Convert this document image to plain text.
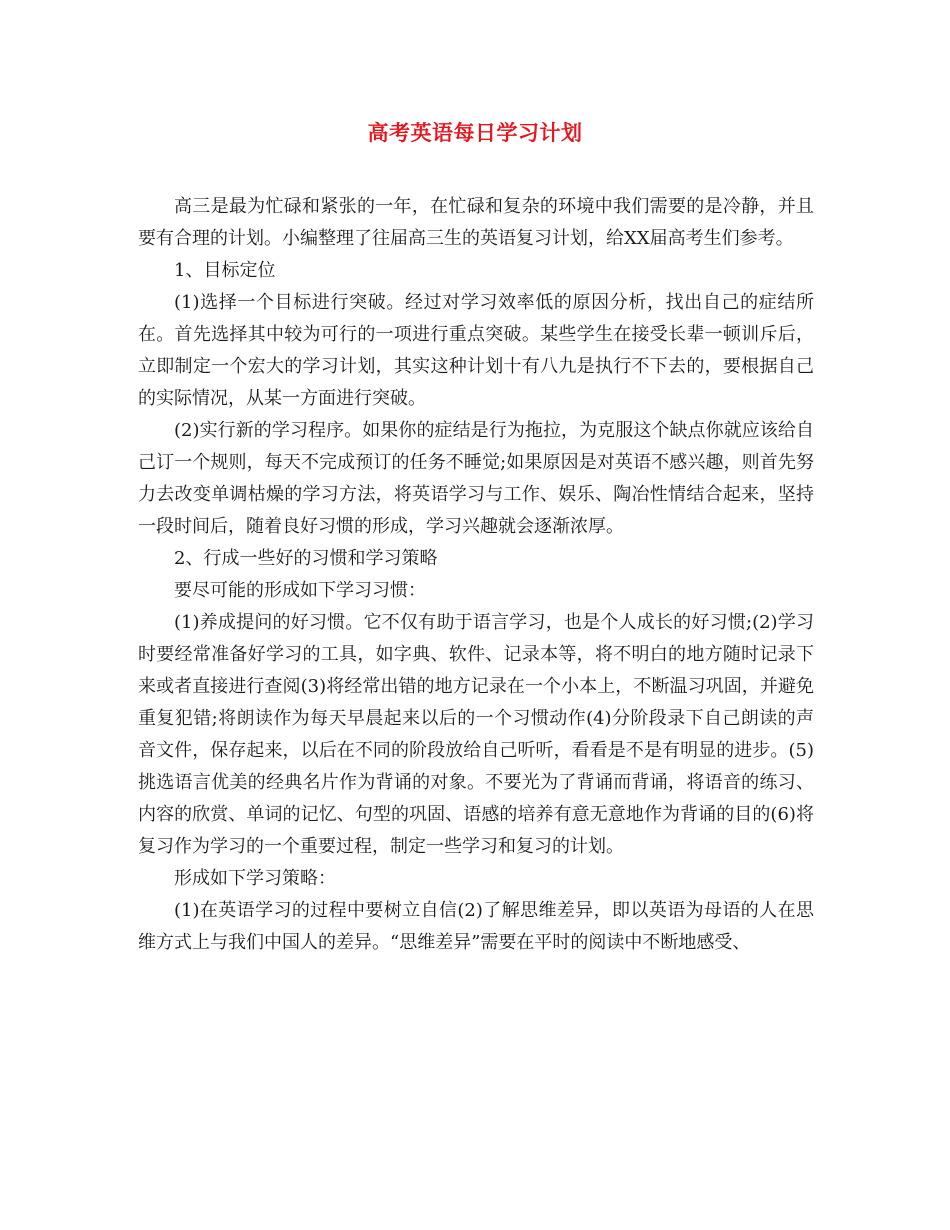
高考英语每日学习计划

高三是最为忙碌和紧张的一年，在忙碌和复杂的环境中我们需要的是冷静，并且要有合理的计划。小编整理了往届高三生的英语复习计划，给XX届高考生们参考。

1、目标定位

(1)选择一个目标进行突破。经过对学习效率低的原因分析，找出自己的症结所在。首先选择其中较为可行的一项进行重点突破。某些学生在接受长辈一顿训斥后，立即制定一个宏大的学习计划，其实这种计划十有八九是执行不下去的，要根据自己的实际情况，从某一方面进行突破。

(2)实行新的学习程序。如果你的症结是行为拖拉，为克服这个缺点你就应该给自己订一个规则，每天不完成预订的任务不睡觉;如果原因是对英语不感兴趣，则首先努力去改变单调枯燥的学习方法，将英语学习与工作、娱乐、陶冶性情结合起来，坚持一段时间后，随着良好习惯的形成，学习兴趣就会逐渐浓厚。

2、行成一些好的习惯和学习策略

要尽可能的形成如下学习习惯：

(1)养成提问的好习惯。它不仅有助于语言学习，也是个人成长的好习惯;(2)学习时要经常准备好学习的工具，如字典、软件、记录本等，将不明白的地方随时记录下来或者直接进行查阅(3)将经常出错的地方记录在一个小本上，不断温习巩固，并避免重复犯错;将朗读作为每天早晨起来以后的一个习惯动作(4)分阶段录下自己朗读的声音文件，保存起来，以后在不同的阶段放给自己听听，看看是不是有明显的进步。(5)挑选语言优美的经典名片作为背诵的对象。不要光为了背诵而背诵，将语音的练习、内容的欣赏、单词的记忆、句型的巩固、语感的培养有意无意地作为背诵的目的(6)将复习作为学习的一个重要过程，制定一些学习和复习的计划。

形成如下学习策略：

(1)在英语学习的过程中要树立自信(2)了解思维差异，即以英语为母语的人在思维方式上与我们中国人的差异。“思维差异”需要在平时的阅读中不断地感受、
